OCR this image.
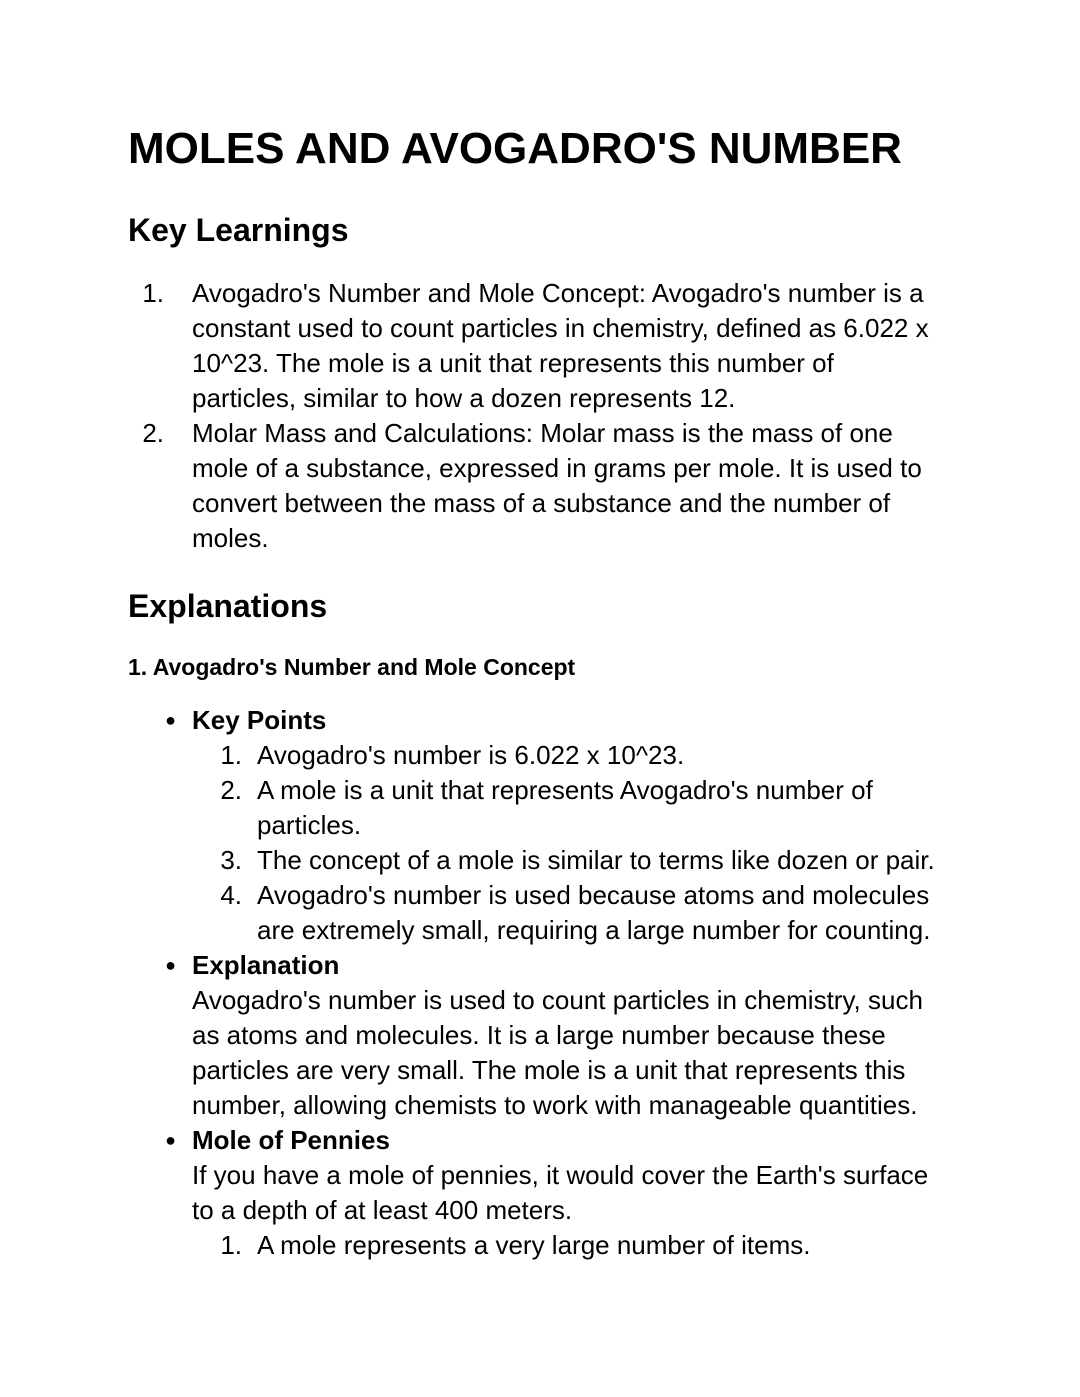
MOLES AND AVOGADRO'S NUMBER
Key Learnings
1.	Avogadro's Number and Mole Concept: Avogadro's number is a constant used to count particles in chemistry, defined as 6.022 x 10^23. The mole is a unit that represents this number of particles, similar to how a dozen represents 12.
2.	Molar Mass and Calculations: Molar mass is the mass of one mole of a substance, expressed in grams per mole. It is used to convert between the mass of a substance and the number of moles.
Explanations
1. Avogadro's Number and Mole Concept
● Key Points
1. Avogadro's number is 6.022 x 10^23.
2. A mole is a unit that represents Avogadro's number of particles.
3. The concept of a mole is similar to terms like dozen or pair.
4. Avogadro's number is used because atoms and molecules are extremely small, requiring a large number for counting.
● Explanation
Avogadro's number is used to count particles in chemistry, such as atoms and molecules. It is a large number because these particles are very small. The mole is a unit that represents this number, allowing chemists to work with manageable quantities.
● Mole of Pennies
If you have a mole of pennies, it would cover the Earth's surface to a depth of at least 400 meters.
1. A mole represents a very large number of items.
